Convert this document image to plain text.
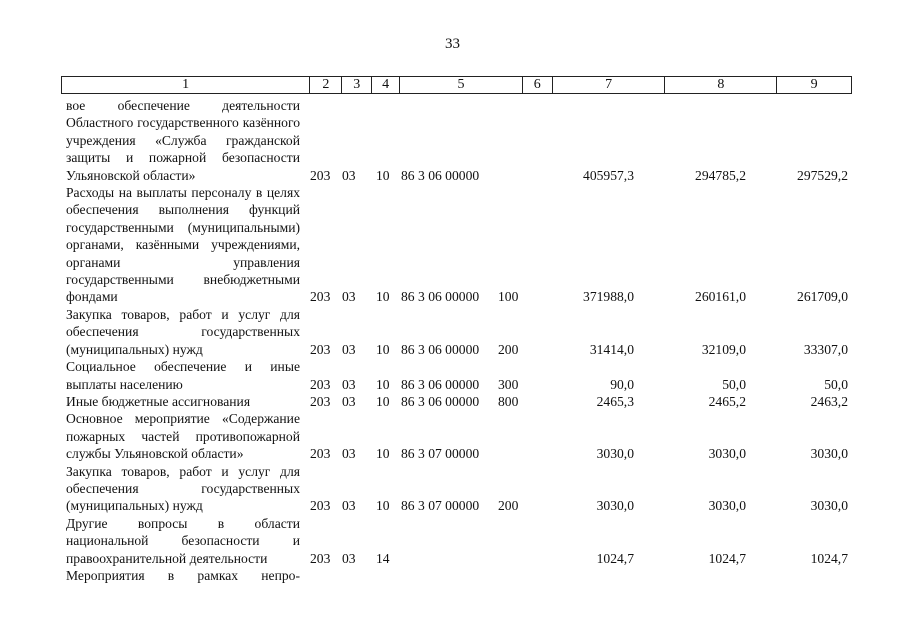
33
1	2	3	4	5	6	7	8	9
вое обеспечение деятельности Областного государственного казённого учреждения «Служба гражданской защиты и пожарной безопасности Ульяновской области»	203 03 10 86 3 06 00000	405957,3	294785,2	297529,2
Расходы на выплаты персоналу в целях обеспечения выполнения функций государственными (муниципальными) органами, казёнными учреждениями, органами управления государственными внебюджетными фондами	203 03 10 86 3 06 00000 100	371988,0	260161,0	261709,0
Закупка товаров, работ и услуг для обеспечения государственных (муниципальных) нужд	203 03 10 86 3 06 00000 200	31414,0	32109,0	33307,0
Социальное обеспечение и иные выплаты населению	203 03 10 86 3 06 00000 300	90,0	50,0	50,0
Иные бюджетные ассигнования	203 03 10 86 3 06 00000 800	2465,3	2465,2	2463,2
Основное мероприятие «Содержание пожарных частей противопожарной службы Ульяновской области»	203 03 10 86 3 07 00000	3030,0	3030,0	3030,0
Закупка товаров, работ и услуг для обеспечения государственных (муниципальных) нужд	203 03 10 86 3 07 00000 200	3030,0	3030,0	3030,0
Другие вопросы в области национальной безопасности и правоохранительной деятельности	203 03 14	1024,7	1024,7	1024,7
Мероприятия в рамках непро-
